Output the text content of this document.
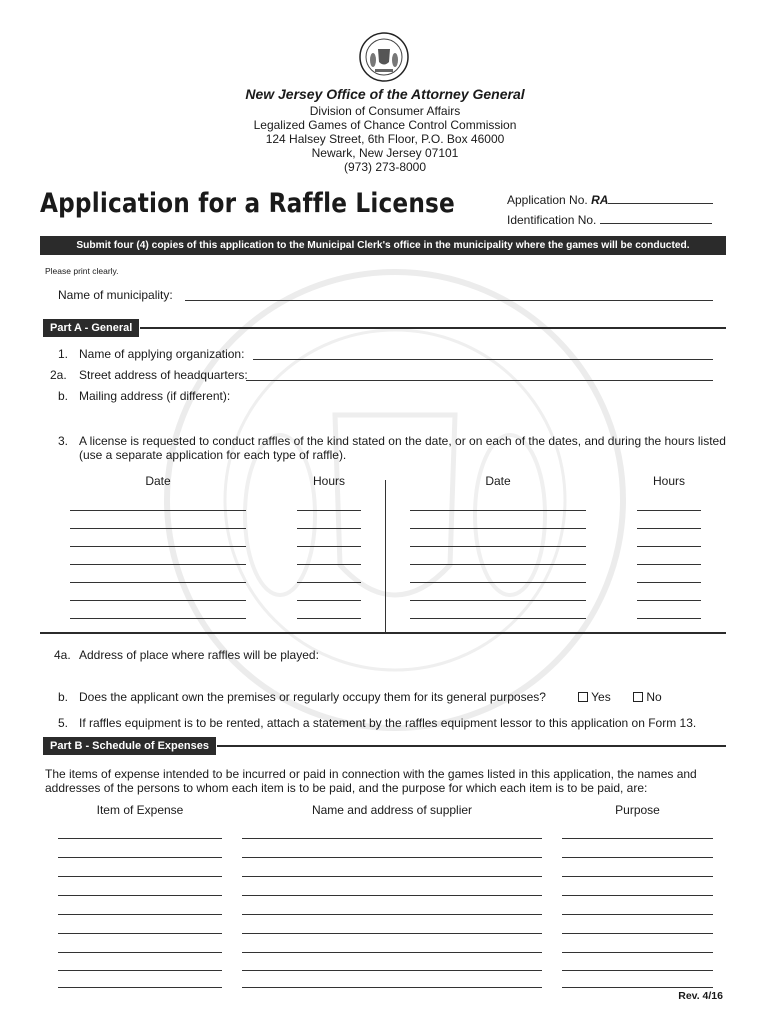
New Jersey Office of the Attorney General
Division of Consumer Affairs
Legalized Games of Chance Control Commission
124 Halsey Street, 6th Floor, P.O. Box 46000
Newark, New Jersey 07101
(973) 273-8000
Application for a Raffle License	Application No. RA
Identification No.
Submit four (4) copies of this application to the Municipal Clerk's office in the municipality where the games will be conducted.
Please print clearly.
Name of municipality:
Part A - General
1. Name of applying organization:
2a. Street address of headquarters:
b. Mailing address (if different):
3. A license is requested to conduct raffles of the kind stated on the date, or on each of the dates, and during the hours listed
(use a separate application for each type of raffle).
Date	Hours	Date	Hours
4a. Address of place where raffles will be played:
b. Does the applicant own the premises or regularly occupy them for its general purposes?	Yes	No
5. If raffles equipment is to be rented, attach a statement by the raffles equipment lessor to this application on Form 13.
Part B - Schedule of Expenses
The items of expense intended to be incurred or paid in connection with the games listed in this application, the names and
addresses of the persons to whom each item is to be paid, and the purpose for which each item is to be paid, are:
Item of Expense	Name and address of supplier	Purpose
Rev. 4/16
